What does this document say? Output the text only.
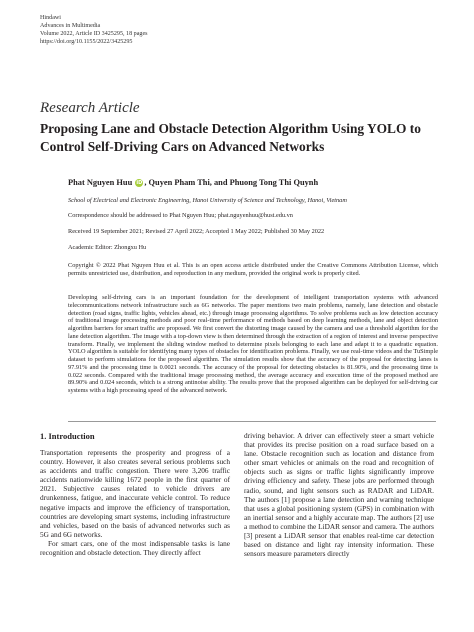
Hindawi
Advances in Multimedia
Volume 2022, Article ID 3425295, 18 pages
https://doi.org/10.1155/2022/3425295
Research Article
Proposing Lane and Obstacle Detection Algorithm Using YOLO to Control Self-Driving Cars on Advanced Networks
Phat Nguyen Huu iD , Quyen Pham Thi, and Phuong Tong Thi Quynh
School of Electrical and Electronic Engineering, Hanoi University of Science and Technology, Hanoi, Vietnam
Correspondence should be addressed to Phat Nguyen Huu; phat.nguyenhuu@hust.edu.vn
Received 19 September 2021; Revised 27 April 2022; Accepted 1 May 2022; Published 30 May 2022
Academic Editor: Zhongxu Hu
Copyright © 2022 Phat Nguyen Huu et al. This is an open access article distributed under the Creative Commons Attribution License, which permits unrestricted use, distribution, and reproduction in any medium, provided the original work is properly cited.
Developing self-driving cars is an important foundation for the development of intelligent transportation systems with advanced telecommunications network infrastructure such as 6G networks. The paper mentions two main problems, namely, lane detection and obstacle detection (road signs, traffic lights, vehicles ahead, etc.) through image processing algorithms. To solve problems such as low detection accuracy of traditional image processing methods and poor real-time performance of methods based on deep learning methods, lane and object detection algorithm barriers for smart traffic are proposed. We first convert the distorting image caused by the camera and use a threshold algorithm for the lane detection algorithm. The image with a top-down view is then determined through the extraction of a region of interest and inverse perspective transform. Finally, we implement the sliding window method to determine pixels belonging to each lane and adapt it to a quadratic equation. YOLO algorithm is suitable for identifying many types of obstacles for identification problems. Finally, we use real-time videos and the TuSimple dataset to perform simulations for the proposed algorithm. The simulation results show that the accuracy of the proposal for detecting lanes is 97.91% and the processing time is 0.0021 seconds. The accuracy of the proposal for detecting obstacles is 81.90%, and the processing time is 0.022 seconds. Compared with the traditional image processing method, the average accuracy and execution time of the proposed method are 89.90% and 0.024 seconds, which is a strong antinoise ability. The results prove that the proposed algorithm can be deployed for self-driving car systems with a high processing speed of the advanced network.
1. Introduction

Transportation represents the prosperity and progress of a country. However, it also creates several serious problems such as accidents and traffic congestion. There were 3,206 traffic accidents nationwide killing 1672 people in the first quarter of 2021. Subjective causes related to vehicle drivers are drunkenness, fatigue, and inaccurate vehicle control. To reduce negative impacts and improve the efficiency of transportation, countries are developing smart systems, including infrastructure and vehicles, based on the basis of advanced networks such as 5G and 6G networks.

For smart cars, one of the most indispensable tasks is lane recognition and obstacle detection. They directly affect

driving behavior. A driver can effectively steer a smart vehicle that provides its precise position on a road surface based on a lane. Obstacle recognition such as location and distance from other smart vehicles or animals on the road and recognition of objects such as signs or traffic lights significantly improve driving efficiency and safety. These jobs are performed through radio, sound, and light sensors such as RADAR and LiDAR. The authors [1] propose a lane detection and warning technique that uses a global positioning system (GPS) in combination with an inertial sensor and a highly accurate map. The authors [2] use a method to combine the LiDAR sensor and camera. The authors [3] present a LiDAR sensor that enables real-time car detection based on distance and light ray intensity information. These sensors measure parameters directly
